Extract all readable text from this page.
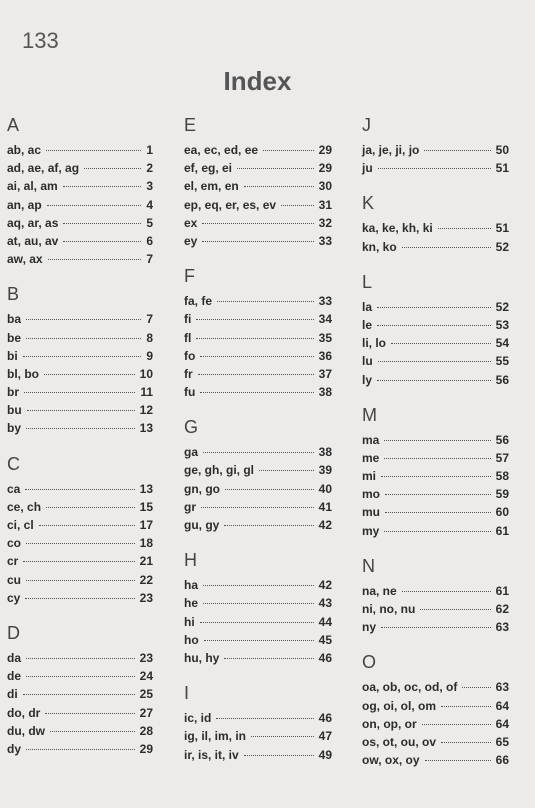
133
Index
A
ab, ac	1
ad, ae, af, ag	2
ai, al, am	3
an, ap	4
aq, ar, as	5
at, au, av	6
aw, ax	7
B
ba	7
be	8
bi	9
bl, bo	10
br	11
bu	12
by	13
C
ca	13
ce, ch	15
ci, cl	17
co	18
cr	21
cu	22
cy	23
D
da	23
de	24
di	25
do, dr	27
du, dw	28
dy	29
E
ea, ec, ed, ee	29
ef, eg, ei	29
el, em, en	30
ep, eq, er, es, ev	31
ex	32
ey	33
F
fa, fe	33
fi	34
fl	35
fo	36
fr	37
fu	38
G
ga	38
ge, gh, gi, gl	39
gn, go	40
gr	41
gu, gy	42
H
ha	42
he	43
hi	44
ho	45
hu, hy	46
I
ic, id	46
ig, il, im, in	47
ir, is, it, iv	49
J
ja, je, ji, jo	50
ju	51
K
ka, ke, kh, ki	51
kn, ko	52
L
la	52
le	53
li, lo	54
lu	55
ly	56
M
ma	56
me	57
mi	58
mo	59
mu	60
my	61
N
na, ne	61
ni, no, nu	62
ny	63
O
oa, ob, oc, od, of	63
og, oi, ol, om	64
on, op, or	64
os, ot, ou, ov	65
ow, ox, oy	66
